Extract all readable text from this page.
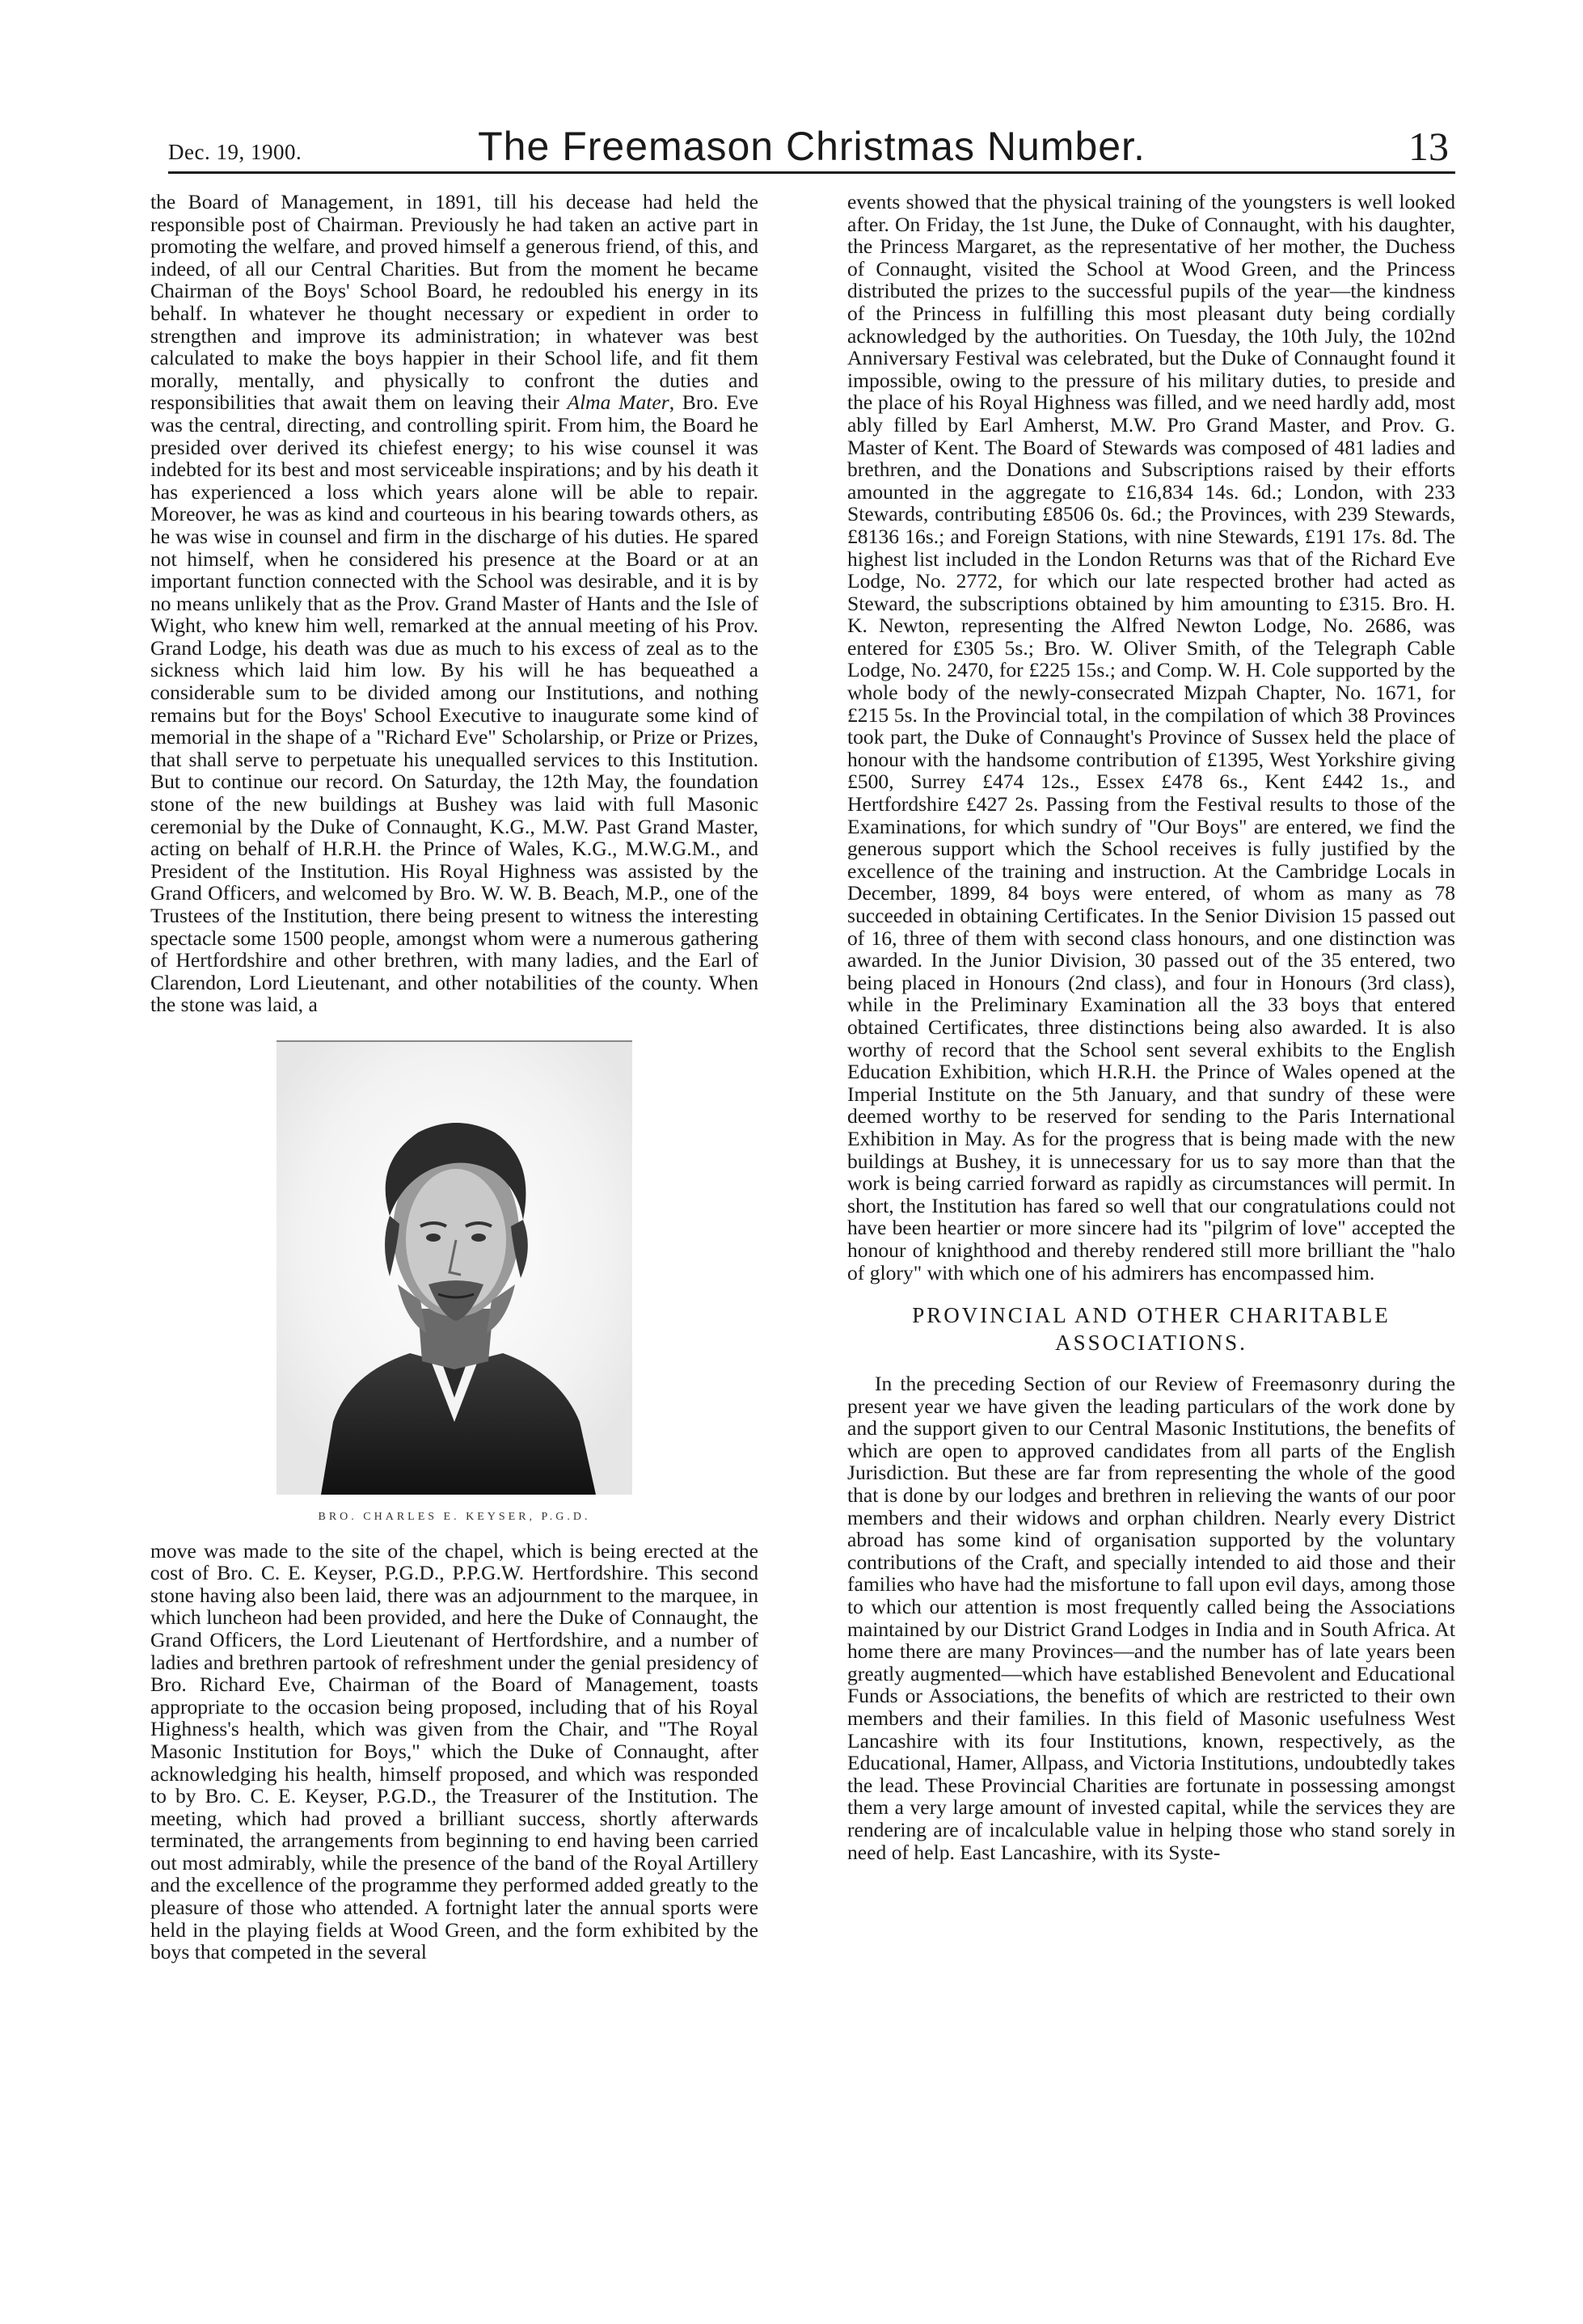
Dec. 19, 1900.	The Freemason Christmas Number.	13

the Board of Management, in 1891, till his decease had held the responsible post of Chairman. Previously he had taken an active part in promoting the welfare, and proved himself a generous friend, of this, and indeed, of all our Central Charities. But from the moment he became Chairman of the Boys' School Board, he redoubled his energy in its behalf. In whatever he thought necessary or expedient in order to strengthen and improve its administration; in whatever was best calculated to make the boys happier in their School life, and fit them morally, mentally, and physically to confront the duties and responsibilities that await them on leaving their Alma Mater, Bro. Eve was the central, directing, and controlling spirit. From him, the Board he presided over derived its chiefest energy; to his wise counsel it was indebted for its best and most serviceable inspirations; and by his death it has experienced a loss which years alone will be able to repair. Moreover, he was as kind and courteous in his bearing towards others, as he was wise in counsel and firm in the discharge of his duties. He spared not himself, when he considered his presence at the Board or at an important function connected with the School was desirable, and it is by no means unlikely that as the Prov. Grand Master of Hants and the Isle of Wight, who knew him well, remarked at the annual meeting of his Prov. Grand Lodge, his death was due as much to his excess of zeal as to the sickness which laid him low. By his will he has bequeathed a considerable sum to be divided among our Institutions, and nothing remains but for the Boys' School Executive to inaugurate some kind of memorial in the shape of a "Richard Eve" Scholarship, or Prize or Prizes, that shall serve to perpetuate his unequalled services to this Institution. But to continue our record. On Saturday, the 12th May, the foundation stone of the new buildings at Bushey was laid with full Masonic ceremonial by the Duke of Connaught, K.G., M.W. Past Grand Master, acting on behalf of H.R.H. the Prince of Wales, K.G., M.W.G.M., and President of the Institution. His Royal Highness was assisted by the Grand Officers, and welcomed by Bro. W. W. B. Beach, M.P., one of the Trustees of the Institution, there being present to witness the interesting spectacle some 1500 people, amongst whom were a numerous gathering of Hertfordshire and other brethren, with many ladies, and the Earl of Clarendon, Lord Lieutenant, and other notabilities of the county. When the stone was laid, a

BRO. CHARLES E. KEYSER, P.G.D.

move was made to the site of the chapel, which is being erected at the cost of Bro. C. E. Keyser, P.G.D., P.P.G.W. Hertfordshire. This second stone having also been laid, there was an adjournment to the marquee, in which luncheon had been provided, and here the Duke of Connaught, the Grand Officers, the Lord Lieutenant of Hertfordshire, and a number of ladies and brethren partook of refreshment under the genial presidency of Bro. Richard Eve, Chairman of the Board of Management, toasts appropriate to the occasion being proposed, including that of his Royal Highness's health, which was given from the Chair, and "The Royal Masonic Institution for Boys," which the Duke of Connaught, after acknowledging his health, himself proposed, and which was responded to by Bro. C. E. Keyser, P.G.D., the Treasurer of the Institution. The meeting, which had proved a brilliant success, shortly afterwards terminated, the arrangements from beginning to end having been carried out most admirably, while the presence of the band of the Royal Artillery and the excellence of the programme they performed added greatly to the pleasure of those who attended. A fortnight later the annual sports were held in the playing fields at Wood Green, and the form exhibited by the boys that competed in the several

events showed that the physical training of the youngsters is well looked after. On Friday, the 1st June, the Duke of Connaught, with his daughter, the Princess Margaret, as the representative of her mother, the Duchess of Connaught, visited the School at Wood Green, and the Princess distributed the prizes to the successful pupils of the year—the kindness of the Princess in fulfilling this most pleasant duty being cordially acknowledged by the authorities. On Tuesday, the 10th July, the 102nd Anniversary Festival was celebrated, but the Duke of Connaught found it impossible, owing to the pressure of his military duties, to preside and the place of his Royal Highness was filled, and we need hardly add, most ably filled by Earl Amherst, M.W. Pro Grand Master, and Prov. G. Master of Kent. The Board of Stewards was composed of 481 ladies and brethren, and the Donations and Subscriptions raised by their efforts amounted in the aggregate to £16,834 14s. 6d.; London, with 233 Stewards, contributing £8506 0s. 6d.; the Provinces, with 239 Stewards, £8136 16s.; and Foreign Stations, with nine Stewards, £191 17s. 8d. The highest list included in the London Returns was that of the Richard Eve Lodge, No. 2772, for which our late respected brother had acted as Steward, the subscriptions obtained by him amounting to £315. Bro. H. K. Newton, representing the Alfred Newton Lodge, No. 2686, was entered for £305 5s.; Bro. W. Oliver Smith, of the Telegraph Cable Lodge, No. 2470, for £225 15s.; and Comp. W. H. Cole supported by the whole body of the newly-consecrated Mizpah Chapter, No. 1671, for £215 5s. In the Provincial total, in the compilation of which 38 Provinces took part, the Duke of Connaught's Province of Sussex held the place of honour with the handsome contribution of £1395, West Yorkshire giving £500, Surrey £474 12s., Essex £478 6s., Kent £442 1s., and Hertfordshire £427 2s. Passing from the Festival results to those of the Examinations, for which sundry of "Our Boys" are entered, we find the generous support which the School receives is fully justified by the excellence of the training and instruction. At the Cambridge Locals in December, 1899, 84 boys were entered, of whom as many as 78 succeeded in obtaining Certificates. In the Senior Division 15 passed out of 16, three of them with second class honours, and one distinction was awarded. In the Junior Division, 30 passed out of the 35 entered, two being placed in Honours (2nd class), and four in Honours (3rd class), while in the Preliminary Examination all the 33 boys that entered obtained Certificates, three distinctions being also awarded. It is also worthy of record that the School sent several exhibits to the English Education Exhibition, which H.R.H. the Prince of Wales opened at the Imperial Institute on the 5th January, and that sundry of these were deemed worthy to be reserved for sending to the Paris International Exhibition in May. As for the progress that is being made with the new buildings at Bushey, it is unnecessary for us to say more than that the work is being carried forward as rapidly as circumstances will permit. In short, the Institution has fared so well that our congratulations could not have been heartier or more sincere had its "pilgrim of love" accepted the honour of knighthood and thereby rendered still more brilliant the "halo of glory" with which one of his admirers has encompassed him.

PROVINCIAL AND OTHER CHARITABLE ASSOCIATIONS.

In the preceding Section of our Review of Freemasonry during the present year we have given the leading particulars of the work done by and the support given to our Central Masonic Institutions, the benefits of which are open to approved candidates from all parts of the English Jurisdiction. But these are far from representing the whole of the good that is done by our lodges and brethren in relieving the wants of our poor members and their widows and orphan children. Nearly every District abroad has some kind of organisation supported by the voluntary contributions of the Craft, and specially intended to aid those and their families who have had the misfortune to fall upon evil days, among those to which our attention is most frequently called being the Associations maintained by our District Grand Lodges in India and in South Africa. At home there are many Provinces—and the number has of late years been greatly augmented—which have established Benevolent and Educational Funds or Associations, the benefits of which are restricted to their own members and their families. In this field of Masonic usefulness West Lancashire with its four Institutions, known, respectively, as the Educational, Hamer, Allpass, and Victoria Institutions, undoubtedly takes the lead. These Provincial Charities are fortunate in possessing amongst them a very large amount of invested capital, while the services they are rendering are of incalculable value in helping those who stand sorely in need of help. East Lancashire, with its Syste-
